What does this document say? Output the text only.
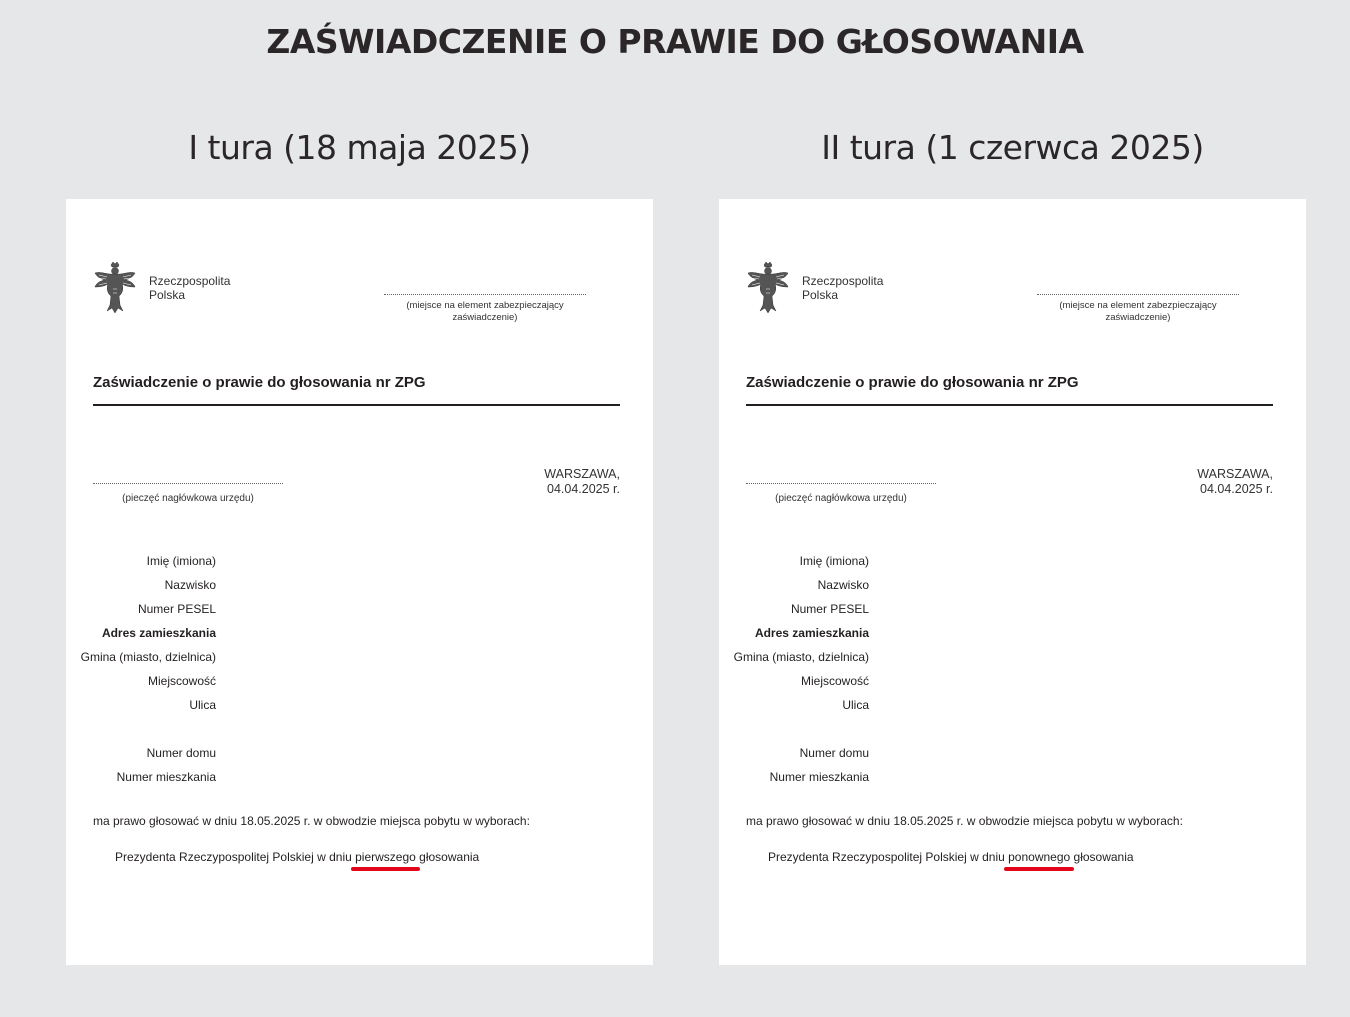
ZAŚWIADCZENIE O PRAWIE DO GŁOSOWANIA
I tura (18 maja 2025)
Rzeczpospolita
Polska
(miejsce na element zabezpieczający
zaświadczenie)
Zaświadczenie o prawie do głosowania nr ZPG
(pieczęć nagłówkowa urzędu)
WARSZAWA,
04.04.2025 r.
Imię (imiona)
Nazwisko
Numer PESEL
Adres zamieszkania
Gmina (miasto, dzielnica)
Miejscowość
Ulica
Numer domu
Numer mieszkania
ma prawo głosować w dniu 18.05.2025 r. w obwodzie miejsca pobytu w wyborach:
Prezydenta Rzeczypospolitej Polskiej w dniu pierwszego
głosowania
II tura (1 czerwca 2025)
Rzeczpospolita
Polska
(miejsce na element zabezpieczający
zaświadczenie)
Zaświadczenie o prawie do głosowania nr ZPG
(pieczęć nagłówkowa urzędu)
WARSZAWA,
04.04.2025 r.
Imię (imiona)
Nazwisko
Numer PESEL
Adres zamieszkania
Gmina (miasto, dzielnica)
Miejscowość
Ulica
Numer domu
Numer mieszkania
ma prawo głosować w dniu 18.05.2025 r. w obwodzie miejsca pobytu w wyborach:
Prezydenta Rzeczypospolitej Polskiej w dniu ponownego
głosowania
